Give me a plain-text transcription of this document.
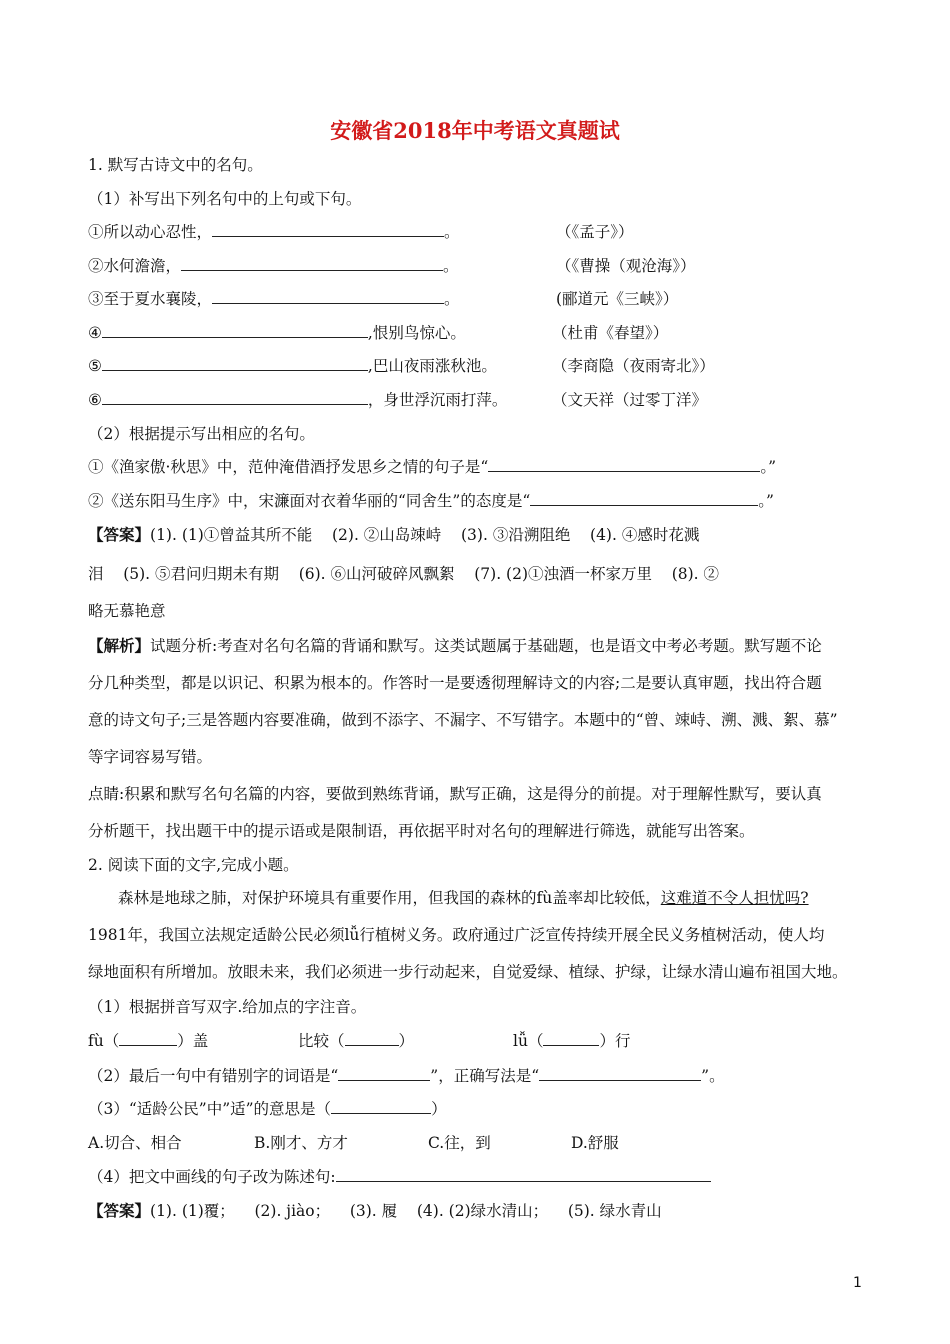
安徽省2018年中考语文真题试
1. 默写古诗文中的名句。
（1）补写出下列名句中的上句或下句。
①所以动心忍性，	。	（《孟子》）
②水何澹澹，	。	（《曹操（观沧海》）
③至于夏水襄陵，	。	(郦道元《三峡》）
④	,恨别鸟惊心。	（杜甫《春望》）
⑤	,巴山夜雨涨秋池。	（李商隐（夜雨寄北》）
⑥	，身世浮沉雨打萍。	（文天祥（过零丁洋》
（2）根据提示写出相应的名句。
①《渔家傲·秋思》中，范仲淹借酒抒发思乡之情的句子是“	。”
②《送东阳马生序》中，宋濂面对衣着华丽的“同舍生”的态度是“	。”
【答案】(1). (1)①曾益其所不能    (2). ②山岛竦峙    (3). ③沿溯阻绝    (4). ④感时花溅
泪    (5). ⑤君问归期未有期    (6). ⑥山河破碎风飘絮    (7). (2)①浊酒一杯家万里    (8). ②
略无慕艳意
【解析】试题分析:考查对名句名篇的背诵和默写。这类试题属于基础题，也是语文中考必考题。默写题不论
分几种类型，都是以识记、积累为根本的。作答时一是要透彻理解诗文的内容;二是要认真审题，找出符合题
意的诗文句子;三是答题内容要准确，做到不添字、不漏字、不写错字。本题中的“曾、竦峙、溯、溅、絮、慕”
等字词容易写错。
点睛:积累和默写名句名篇的内容，要做到熟练背诵，默写正确，这是得分的前提。对于理解性默写，要认真
分析题干，找出题干中的提示语或是限制语，再依据平时对名句的理解进行筛选，就能写出答案。
2. 阅读下面的文字,完成小题。
森林是地球之肺，对保护环境具有重要作用，但我国的森林的fù盖率却比较低，这难道不令人担忧吗?
1981年，我国立法规定适龄公民必须lǚ行植树义务。政府通过广泛宣传持续开展全民义务植树活动，使人均
绿地面积有所增加。放眼未来，我们必须进一步行动起来，自觉爱绿、植绿、护绿，让绿水清山遍布祖国大地。
（1）根据拼音写双字.给加点的字注音。
fù（	）盖	比较（	）	lǚ（	）行
（2）最后一句中有错别字的词语是“	”，正确写法是“	”。
（3）“适龄公民”中”适”的意思是（	）
A.切合、相合	B.刚才、方才	C.往，到	D.舒服
（4）把文中画线的句子改为陈述句:
【答案】(1). (1)覆；    (2). jiào；    (3). 履    (4). (2)绿水清山；    (5). 绿水青山
1
